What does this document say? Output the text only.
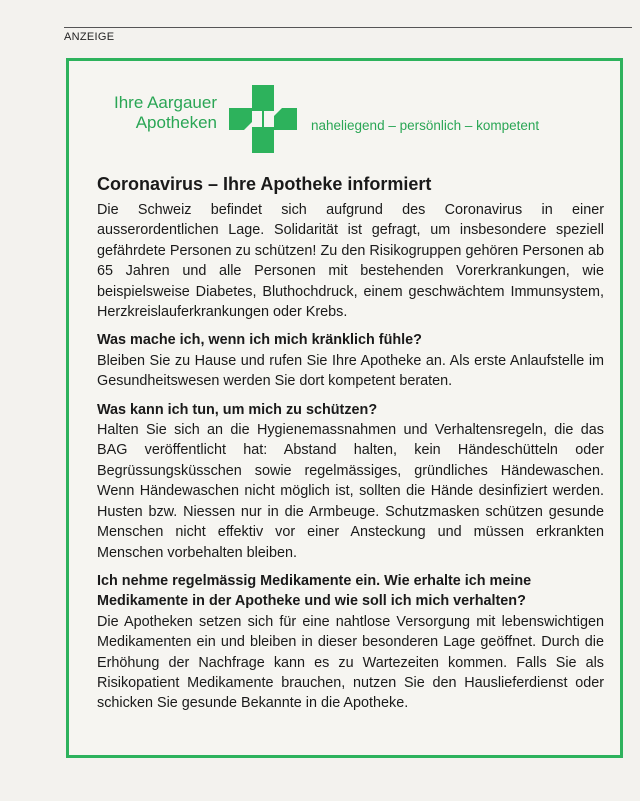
ANZEIGE
Ihre Aargauer
Apotheken	naheliegend – persönlich – kompetent
Coronavirus – Ihre Apotheke informiert

Die Schweiz befindet sich aufgrund des Coronavirus in einer ausserordentlichen Lage. Solidarität ist gefragt, um insbesondere speziell gefährdete Personen zu schützen! Zu den Risikogruppen gehören Personen ab 65 Jahren und alle Personen mit bestehenden Vorerkrankungen, wie beispielsweise Diabetes, Bluthochdruck, einem geschwächtem Immunsystem, Herzkreislauferkrankungen oder Krebs.

Was mache ich, wenn ich mich kränklich fühle?

Bleiben Sie zu Hause und rufen Sie Ihre Apotheke an. Als erste Anlaufstelle im Gesundheitswesen werden Sie dort kompetent beraten.

Was kann ich tun, um mich zu schützen?

Halten Sie sich an die Hygienemassnahmen und Verhaltensregeln, die das BAG veröffentlicht hat: Abstand halten, kein Händeschütteln oder Begrüssungsküsschen sowie regelmässiges, gründliches Händewaschen. Wenn Händewaschen nicht möglich ist, sollten die Hände desinfiziert werden. Husten bzw. Niessen nur in die Armbeuge. Schutzmasken schützen gesunde Menschen nicht effektiv vor einer Ansteckung und müssen erkrankten Menschen vorbehalten bleiben.

Ich nehme regelmässig Medikamente ein. Wie erhalte ich meine Medikamente in der Apotheke und wie soll ich mich verhalten?

Die Apotheken setzen sich für eine nahtlose Versorgung mit lebenswichtigen Medikamenten ein und bleiben in dieser besonderen Lage geöffnet. Durch die Erhöhung der Nachfrage kann es zu Wartezeiten kommen. Falls Sie als Risikopatient Medikamente brauchen, nutzen Sie den Hauslieferdienst oder schicken Sie gesunde Bekannte in die Apotheke.
